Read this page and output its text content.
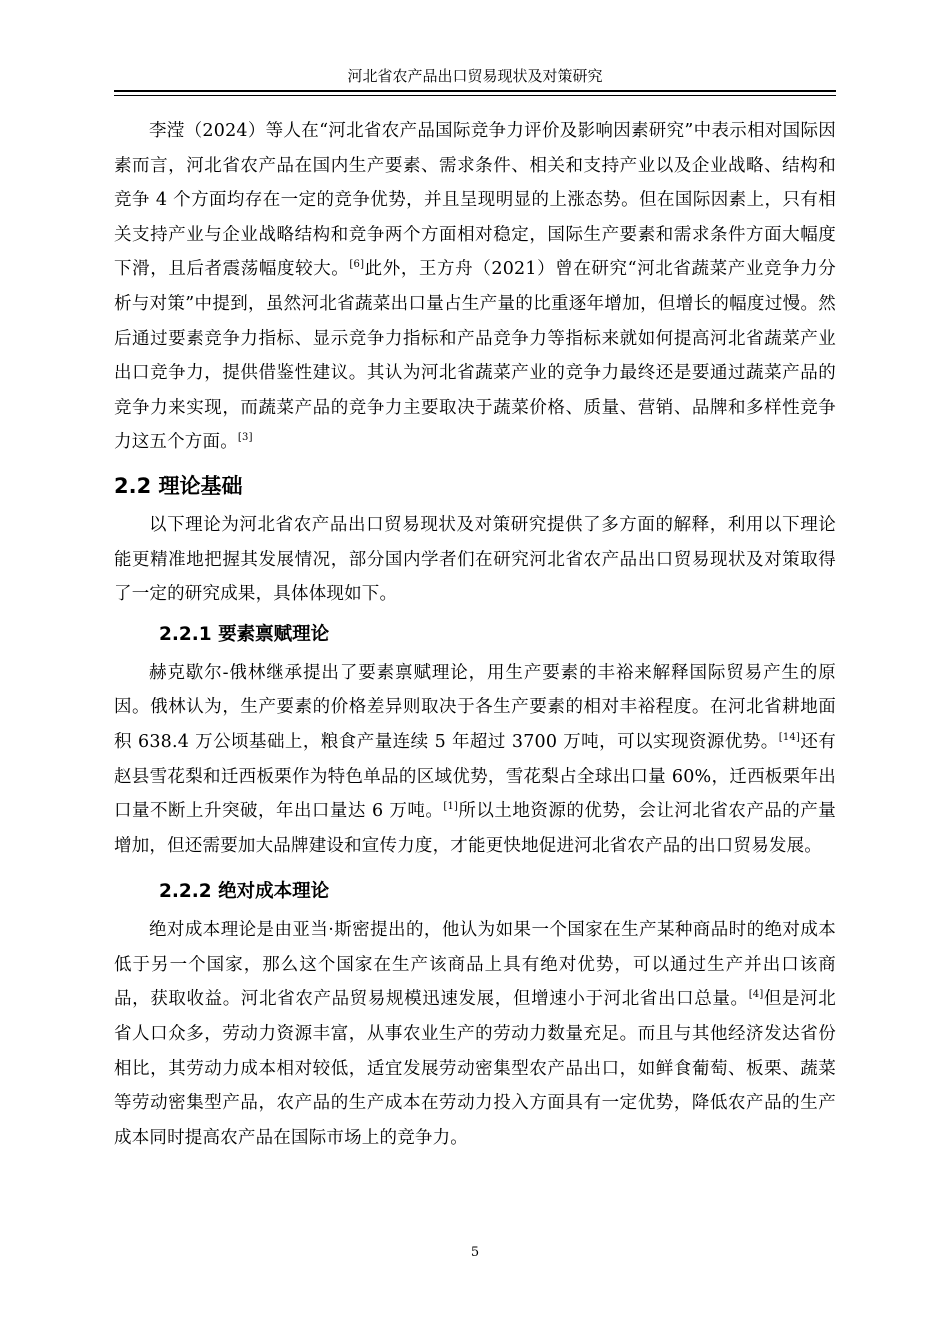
河北省农产品出口贸易现状及对策研究

李滢（2024）等人在“河北省农产品国际竞争力评价及影响因素研究”中表示相对国际因素而言，河北省农产品在国内生产要素、需求条件、相关和支持产业以及企业战略、结构和竞争 4 个方面均存在一定的竞争优势，并且呈现明显的上涨态势。但在国际因素上，只有相关支持产业与企业战略结构和竞争两个方面相对稳定，国际生产要素和需求条件方面大幅度下滑，且后者震荡幅度较大。[6]此外，王方舟（2021）曾在研究“河北省蔬菜产业竞争力分析与对策”中提到，虽然河北省蔬菜出口量占生产量的比重逐年增加，但增长的幅度过慢。然后通过要素竞争力指标、显示竞争力指标和产品竞争力等指标来就如何提高河北省蔬菜产业出口竞争力，提供借鉴性建议。其认为河北省蔬菜产业的竞争力最终还是要通过蔬菜产品的竞争力来实现，而蔬菜产品的竞争力主要取决于蔬菜价格、质量、营销、品牌和多样性竞争力这五个方面。[3]

2.2 理论基础

以下理论为河北省农产品出口贸易现状及对策研究提供了多方面的解释，利用以下理论能更精准地把握其发展情况，部分国内学者们在研究河北省农产品出口贸易现状及对策取得了一定的研究成果，具体体现如下。

2.2.1 要素禀赋理论

赫克歇尔-俄林继承提出了要素禀赋理论，用生产要素的丰裕来解释国际贸易产生的原因。俄林认为，生产要素的价格差异则取决于各生产要素的相对丰裕程度。在河北省耕地面积 638.4 万公顷基础上，粮食产量连续 5 年超过 3700 万吨，可以实现资源优势。[14]还有赵县雪花梨和迁西板栗作为特色单品的区域优势，雪花梨占全球出口量 60%，迁西板栗年出口量不断上升突破，年出口量达 6 万吨。[1]所以土地资源的优势，会让河北省农产品的产量增加，但还需要加大品牌建设和宣传力度，才能更快地促进河北省农产品的出口贸易发展。

2.2.2 绝对成本理论

绝对成本理论是由亚当·斯密提出的，他认为如果一个国家在生产某种商品时的绝对成本低于另一个国家，那么这个国家在生产该商品上具有绝对优势，可以通过生产并出口该商品，获取收益。河北省农产品贸易规模迅速发展，但增速小于河北省出口总量。[4]但是河北省人口众多，劳动力资源丰富，从事农业生产的劳动力数量充足。而且与其他经济发达省份相比，其劳动力成本相对较低，适宜发展劳动密集型农产品出口，如鲜食葡萄、板栗、蔬菜等劳动密集型产品，农产品的生产成本在劳动力投入方面具有一定优势，降低农产品的生产成本同时提高农产品在国际市场上的竞争力。

5
